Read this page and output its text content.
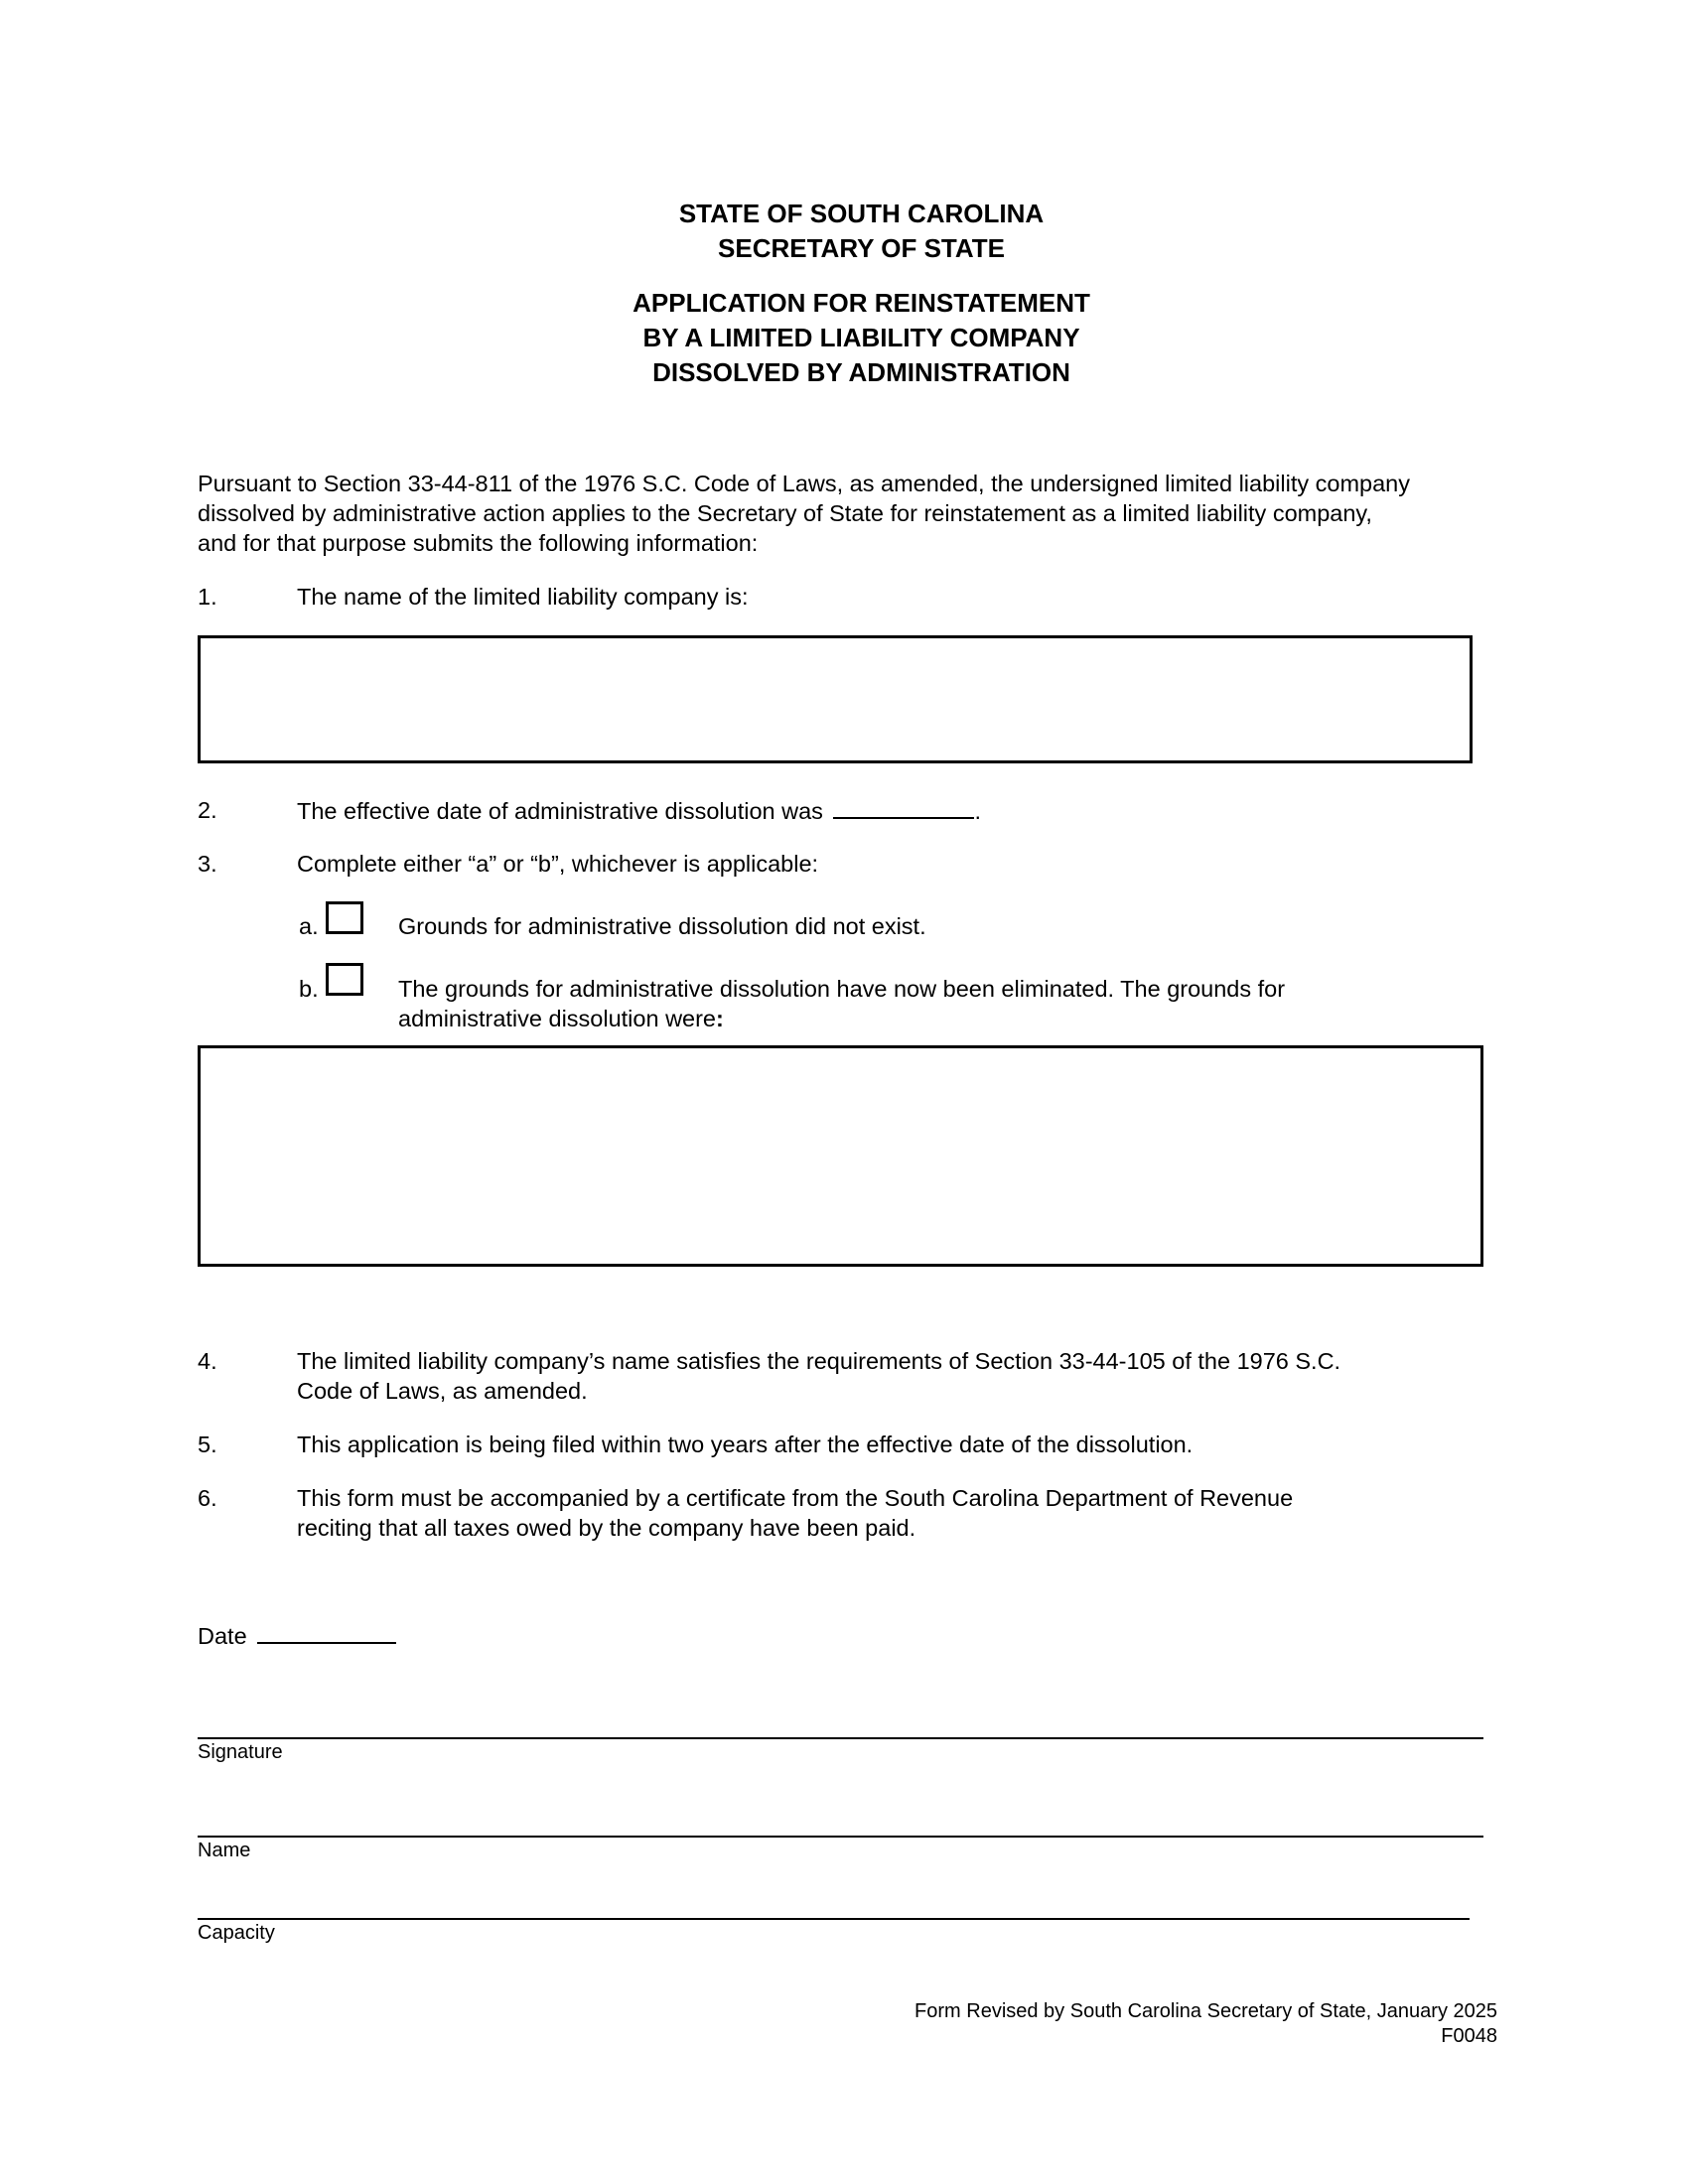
STATE OF SOUTH CAROLINA
SECRETARY OF STATE
APPLICATION FOR REINSTATEMENT
BY A LIMITED LIABILITY COMPANY
DISSOLVED BY ADMINISTRATION
Pursuant to Section 33-44-811 of the 1976 S.C. Code of Laws, as amended, the undersigned limited liability company
dissolved by administrative action applies to the Secretary of State for reinstatement as a limited liability company,
and for that purpose submits the following information:
1.	The name of the limited liability company is:
2.	The effective date of administrative dissolution was	.
3.	Complete either “a” or “b”, whichever is applicable:
a.	Grounds for administrative dissolution did not exist.
b.	The grounds for administrative dissolution have now been eliminated. The grounds for
administrative dissolution were:
4.	The limited liability company’s name satisfies the requirements of Section 33-44-105 of the 1976 S.C.
Code of Laws, as amended.
5.	This application is being filed within two years after the effective date of the dissolution.
6.	This form must be accompanied by a certificate from the South Carolina Department of Revenue
reciting that all taxes owed by the company have been paid.
Date
Signature
Name
Capacity
Form Revised by South Carolina Secretary of State, January 2025
F0048
